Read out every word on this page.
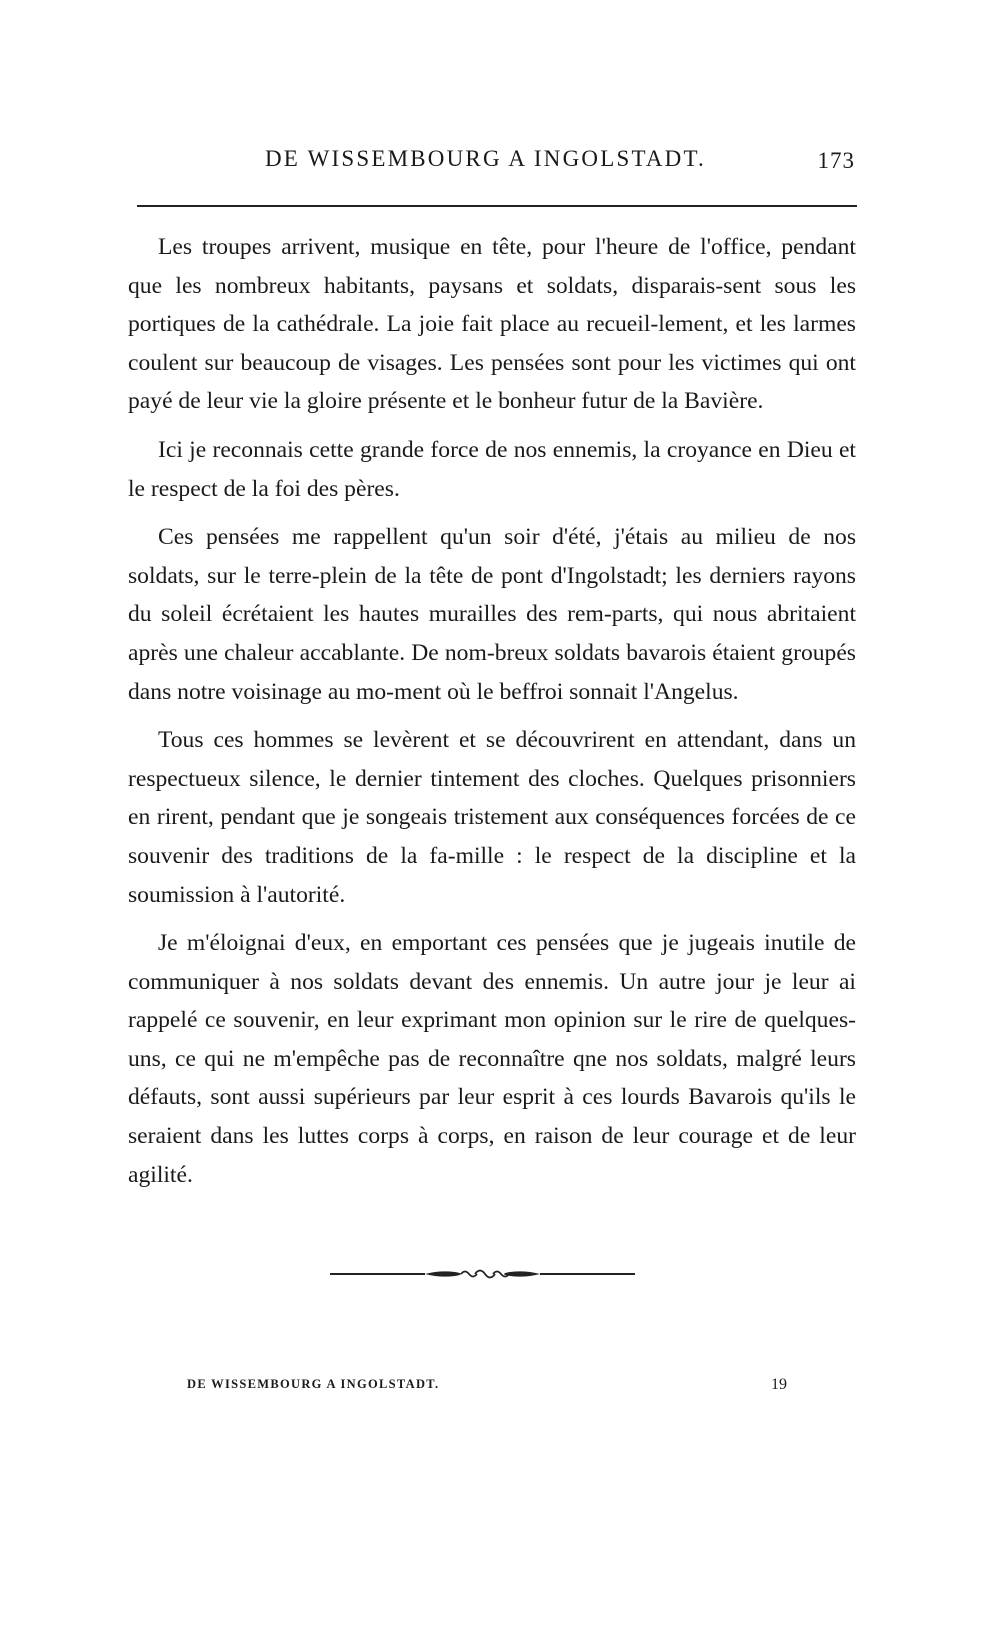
DE WISSEMBOURG A INGOLSTADT.	173

Les troupes arrivent, musique en tête, pour l'heure de l'office, pendant que les nombreux habitants, paysans et soldats, disparais-sent sous les portiques de la cathédrale. La joie fait place au recueil-lement, et les larmes coulent sur beaucoup de visages. Les pensées sont pour les victimes qui ont payé de leur vie la gloire présente et le bonheur futur de la Bavière.

Ici je reconnais cette grande force de nos ennemis, la croyance en Dieu et le respect de la foi des pères.

Ces pensées me rappellent qu'un soir d'été, j'étais au milieu de nos soldats, sur le terre-plein de la tête de pont d'Ingolstadt; les derniers rayons du soleil écrétaient les hautes murailles des rem-parts, qui nous abritaient après une chaleur accablante. De nom-breux soldats bavarois étaient groupés dans notre voisinage au mo-ment où le beffroi sonnait l'Angelus.

Tous ces hommes se levèrent et se découvrirent en attendant, dans un respectueux silence, le dernier tintement des cloches. Quelques prisonniers en rirent, pendant que je songeais tristement aux conséquences forcées de ce souvenir des traditions de la fa-mille : le respect de la discipline et la soumission à l'autorité.

Je m'éloignai d'eux, en emportant ces pensées que je jugeais inutile de communiquer à nos soldats devant des ennemis. Un autre jour je leur ai rappelé ce souvenir, en leur exprimant mon opinion sur le rire de quelques-uns, ce qui ne m'empêche pas de reconnaître qne nos soldats, malgré leurs défauts, sont aussi supérieurs par leur esprit à ces lourds Bavarois qu'ils le seraient dans les luttes corps à corps, en raison de leur courage et de leur agilité.

DE WISSEMBOURG A INGOLSTADT.	19
